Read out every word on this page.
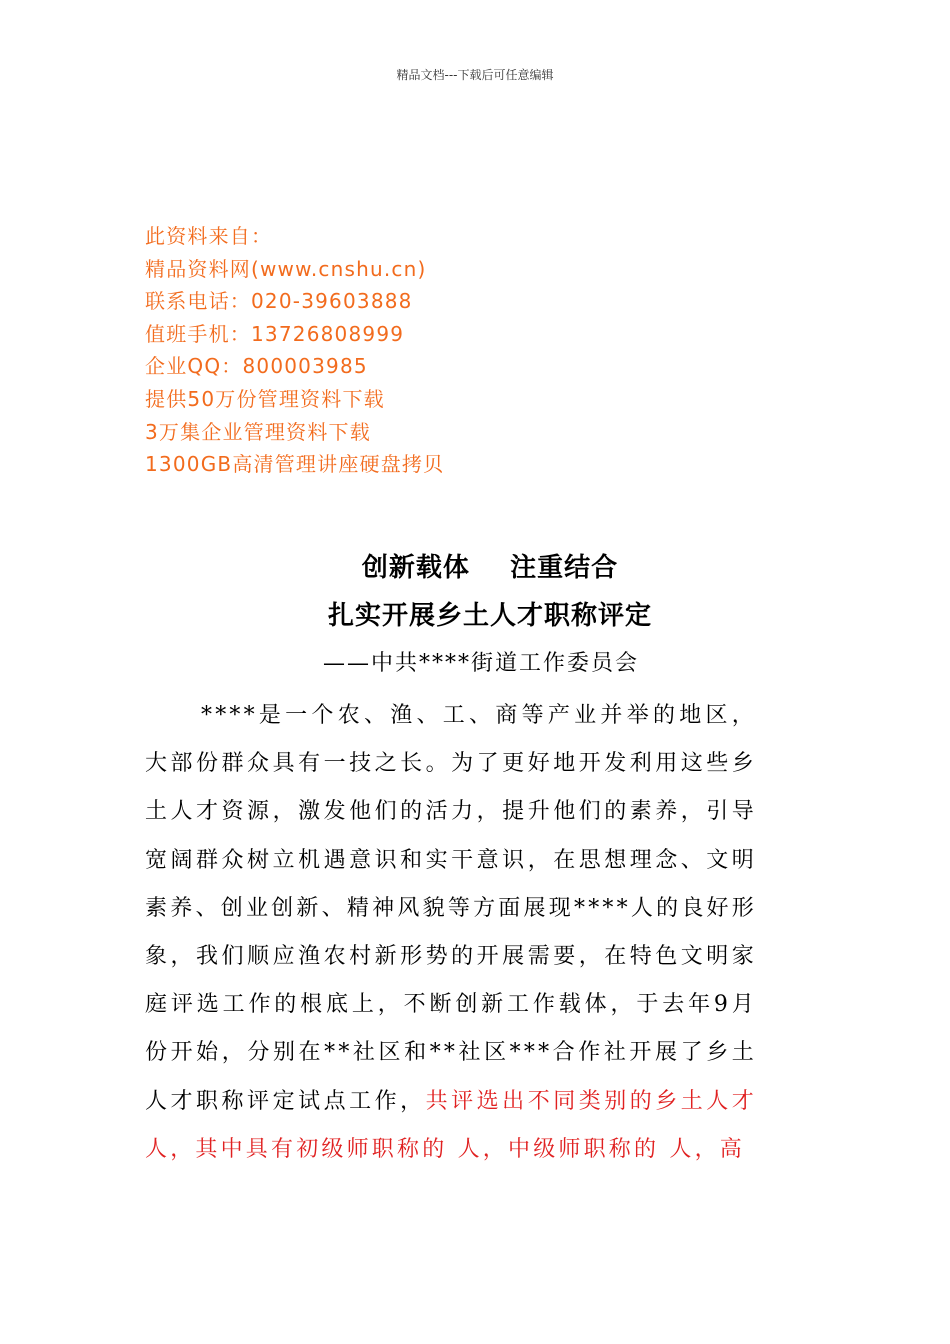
精品文档---下载后可任意编辑
此资料来自：
精品资料网(www.cnshu.cn)
联系电话：020-39603888
值班手机：13726808999
企业QQ：800003985
提供50万份管理资料下载
3万集企业管理资料下载
1300GB高清管理讲座硬盘拷贝
创新载体    注重结合
扎实开展乡土人才职称评定
——中共****街道工作委员会
****是一个农、渔、工、商等产业并举的地区，大部份群众具有一技之长。为了更好地开发利用这些乡土人才资源，激发他们的活力，提升他们的素养，引导宽阔群众树立机遇意识和实干意识，在思想理念、文明素养、创业创新、精神风貌等方面展现****人的良好形象，我们顺应渔农村新形势的开展需要，在特色文明家庭评选工作的根底上，不断创新工作载体，于去年9月份开始，分别在**社区和**社区***合作社开展了乡土人才职称评定试点工作，共评选出不同类别的乡土人才 人，其中具有初级师职称的 人，中级师职称的 人，高
